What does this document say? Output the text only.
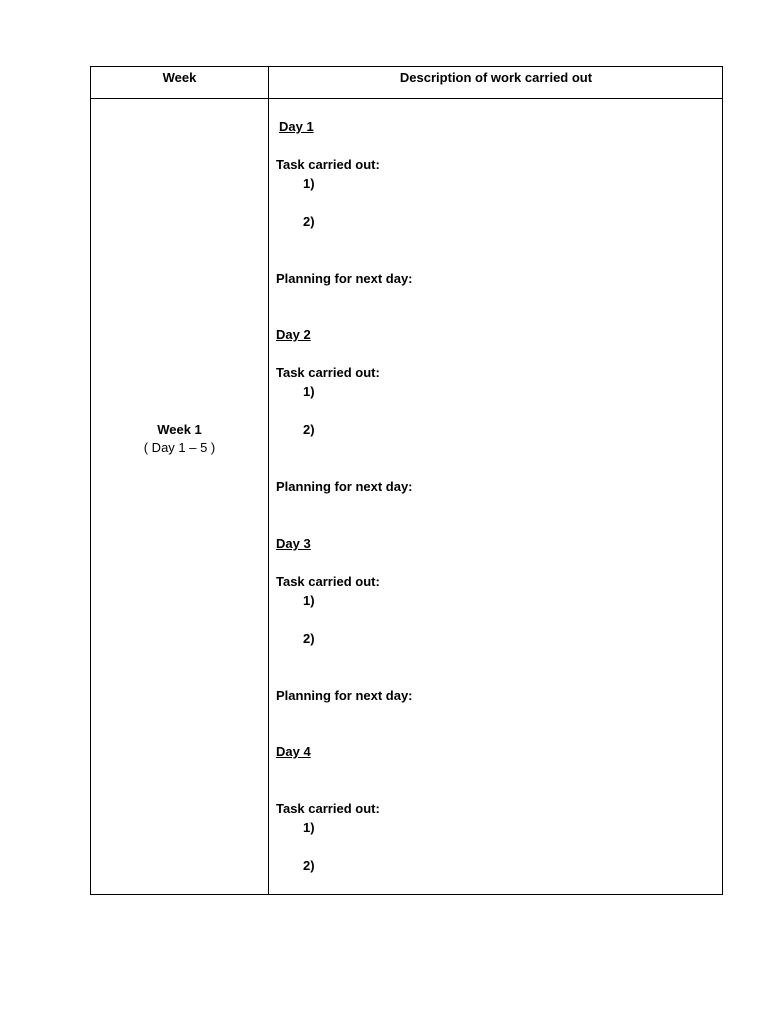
Week	Description of work carried out
Week 1
( Day 1 – 5 )
Day 1
Task carried out:
1)
2)
Planning for next day:
Day 2
Task carried out:
1)
2)
Planning for next day:
Day 3
Task carried out:
1)
2)
Planning for next day:
Day 4
Task carried out:
1)
2)
